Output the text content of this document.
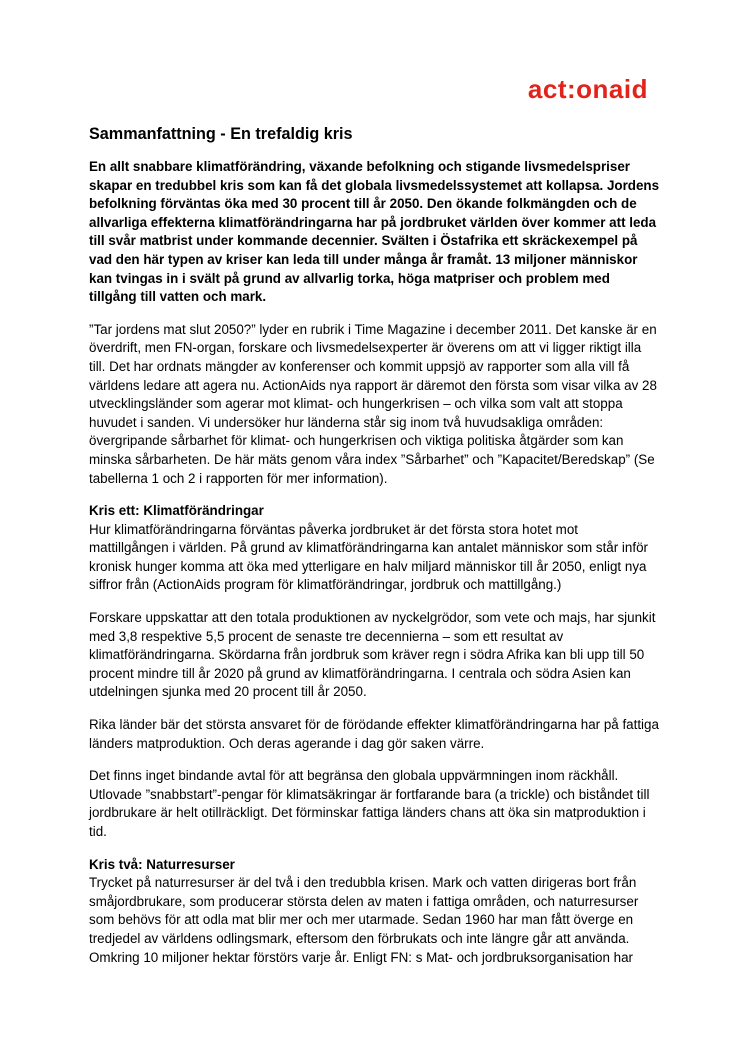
act:onaid
Sammanfattning - En trefaldig kris

En allt snabbare klimatförändring, växande befolkning och stigande livsmedelspriser skapar en tredubbel kris som kan få det globala livsmedelssystemet att kollapsa. Jordens befolkning förväntas öka med 30 procent till år 2050. Den ökande folkmängden och de allvarliga effekterna klimatförändringarna har på jordbruket världen över kommer att leda till svår matbrist under kommande decennier. Svälten i Östafrika ett skräckexempel på vad den här typen av kriser kan leda till under många år framåt. 13 miljoner människor kan tvingas in i svält på grund av allvarlig torka, höga matpriser och problem med tillgång till vatten och mark.

”Tar jordens mat slut 2050?” lyder en rubrik i Time Magazine i december 2011. Det kanske är en överdrift, men FN-organ, forskare och livsmedelsexperter är överens om att vi ligger riktigt illa till. Det har ordnats mängder av konferenser och kommit uppsjö av rapporter som alla vill få världens ledare att agera nu. ActionAids nya rapport är däremot den första som visar vilka av 28 utvecklingsländer som agerar mot klimat- och hungerkrisen – och vilka som valt att stoppa huvudet i sanden. Vi undersöker hur länderna står sig inom två huvudsakliga områden: övergripande sårbarhet för klimat- och hungerkrisen och viktiga politiska åtgärder som kan minska sårbarheten. De här mäts genom våra index ”Sårbarhet” och ”Kapacitet/Beredskap” (Se tabellerna 1 och 2 i rapporten för mer information).

Kris ett: Klimatförändringar

Hur klimatförändringarna förväntas påverka jordbruket är det första stora hotet mot mattillgången i världen. På grund av klimatförändringarna kan antalet människor som står inför kronisk hunger komma att öka med ytterligare en halv miljard människor till år 2050, enligt nya siffror från (ActionAids program för klimatförändringar, jordbruk och mattillgång.)

Forskare uppskattar att den totala produktionen av nyckelgrödor, som vete och majs, har sjunkit med 3,8 respektive 5,5 procent de senaste tre decennierna – som ett resultat av klimatförändringarna. Skördarna från jordbruk som kräver regn i södra Afrika kan bli upp till 50 procent mindre till år 2020 på grund av klimatförändringarna. I centrala och södra Asien kan utdelningen sjunka med 20 procent till år 2050.

Rika länder bär det största ansvaret för de förödande effekter klimatförändringarna har på fattiga länders matproduktion. Och deras agerande i dag gör saken värre.

Det finns inget bindande avtal för att begränsa den globala uppvärmningen inom räckhåll. Utlovade ”snabbstart”-pengar för klimatsäkringar är fortfarande bara (a trickle) och biståndet till jordbrukare är helt otillräckligt. Det förminskar fattiga länders chans att öka sin matproduktion i tid.

Kris två: Naturresurser

Trycket på naturresurser är del två i den tredubbla krisen. Mark och vatten dirigeras bort från småjordbrukare, som producerar största delen av maten i fattiga områden, och naturresurser som behövs för att odla mat blir mer och mer utarmade. Sedan 1960 har man fått överge en tredjedel av världens odlingsmark, eftersom den förbrukats och inte längre går att använda. Omkring 10 miljoner hektar förstörs varje år. Enligt FN: s Mat- och jordbruksorganisation har
